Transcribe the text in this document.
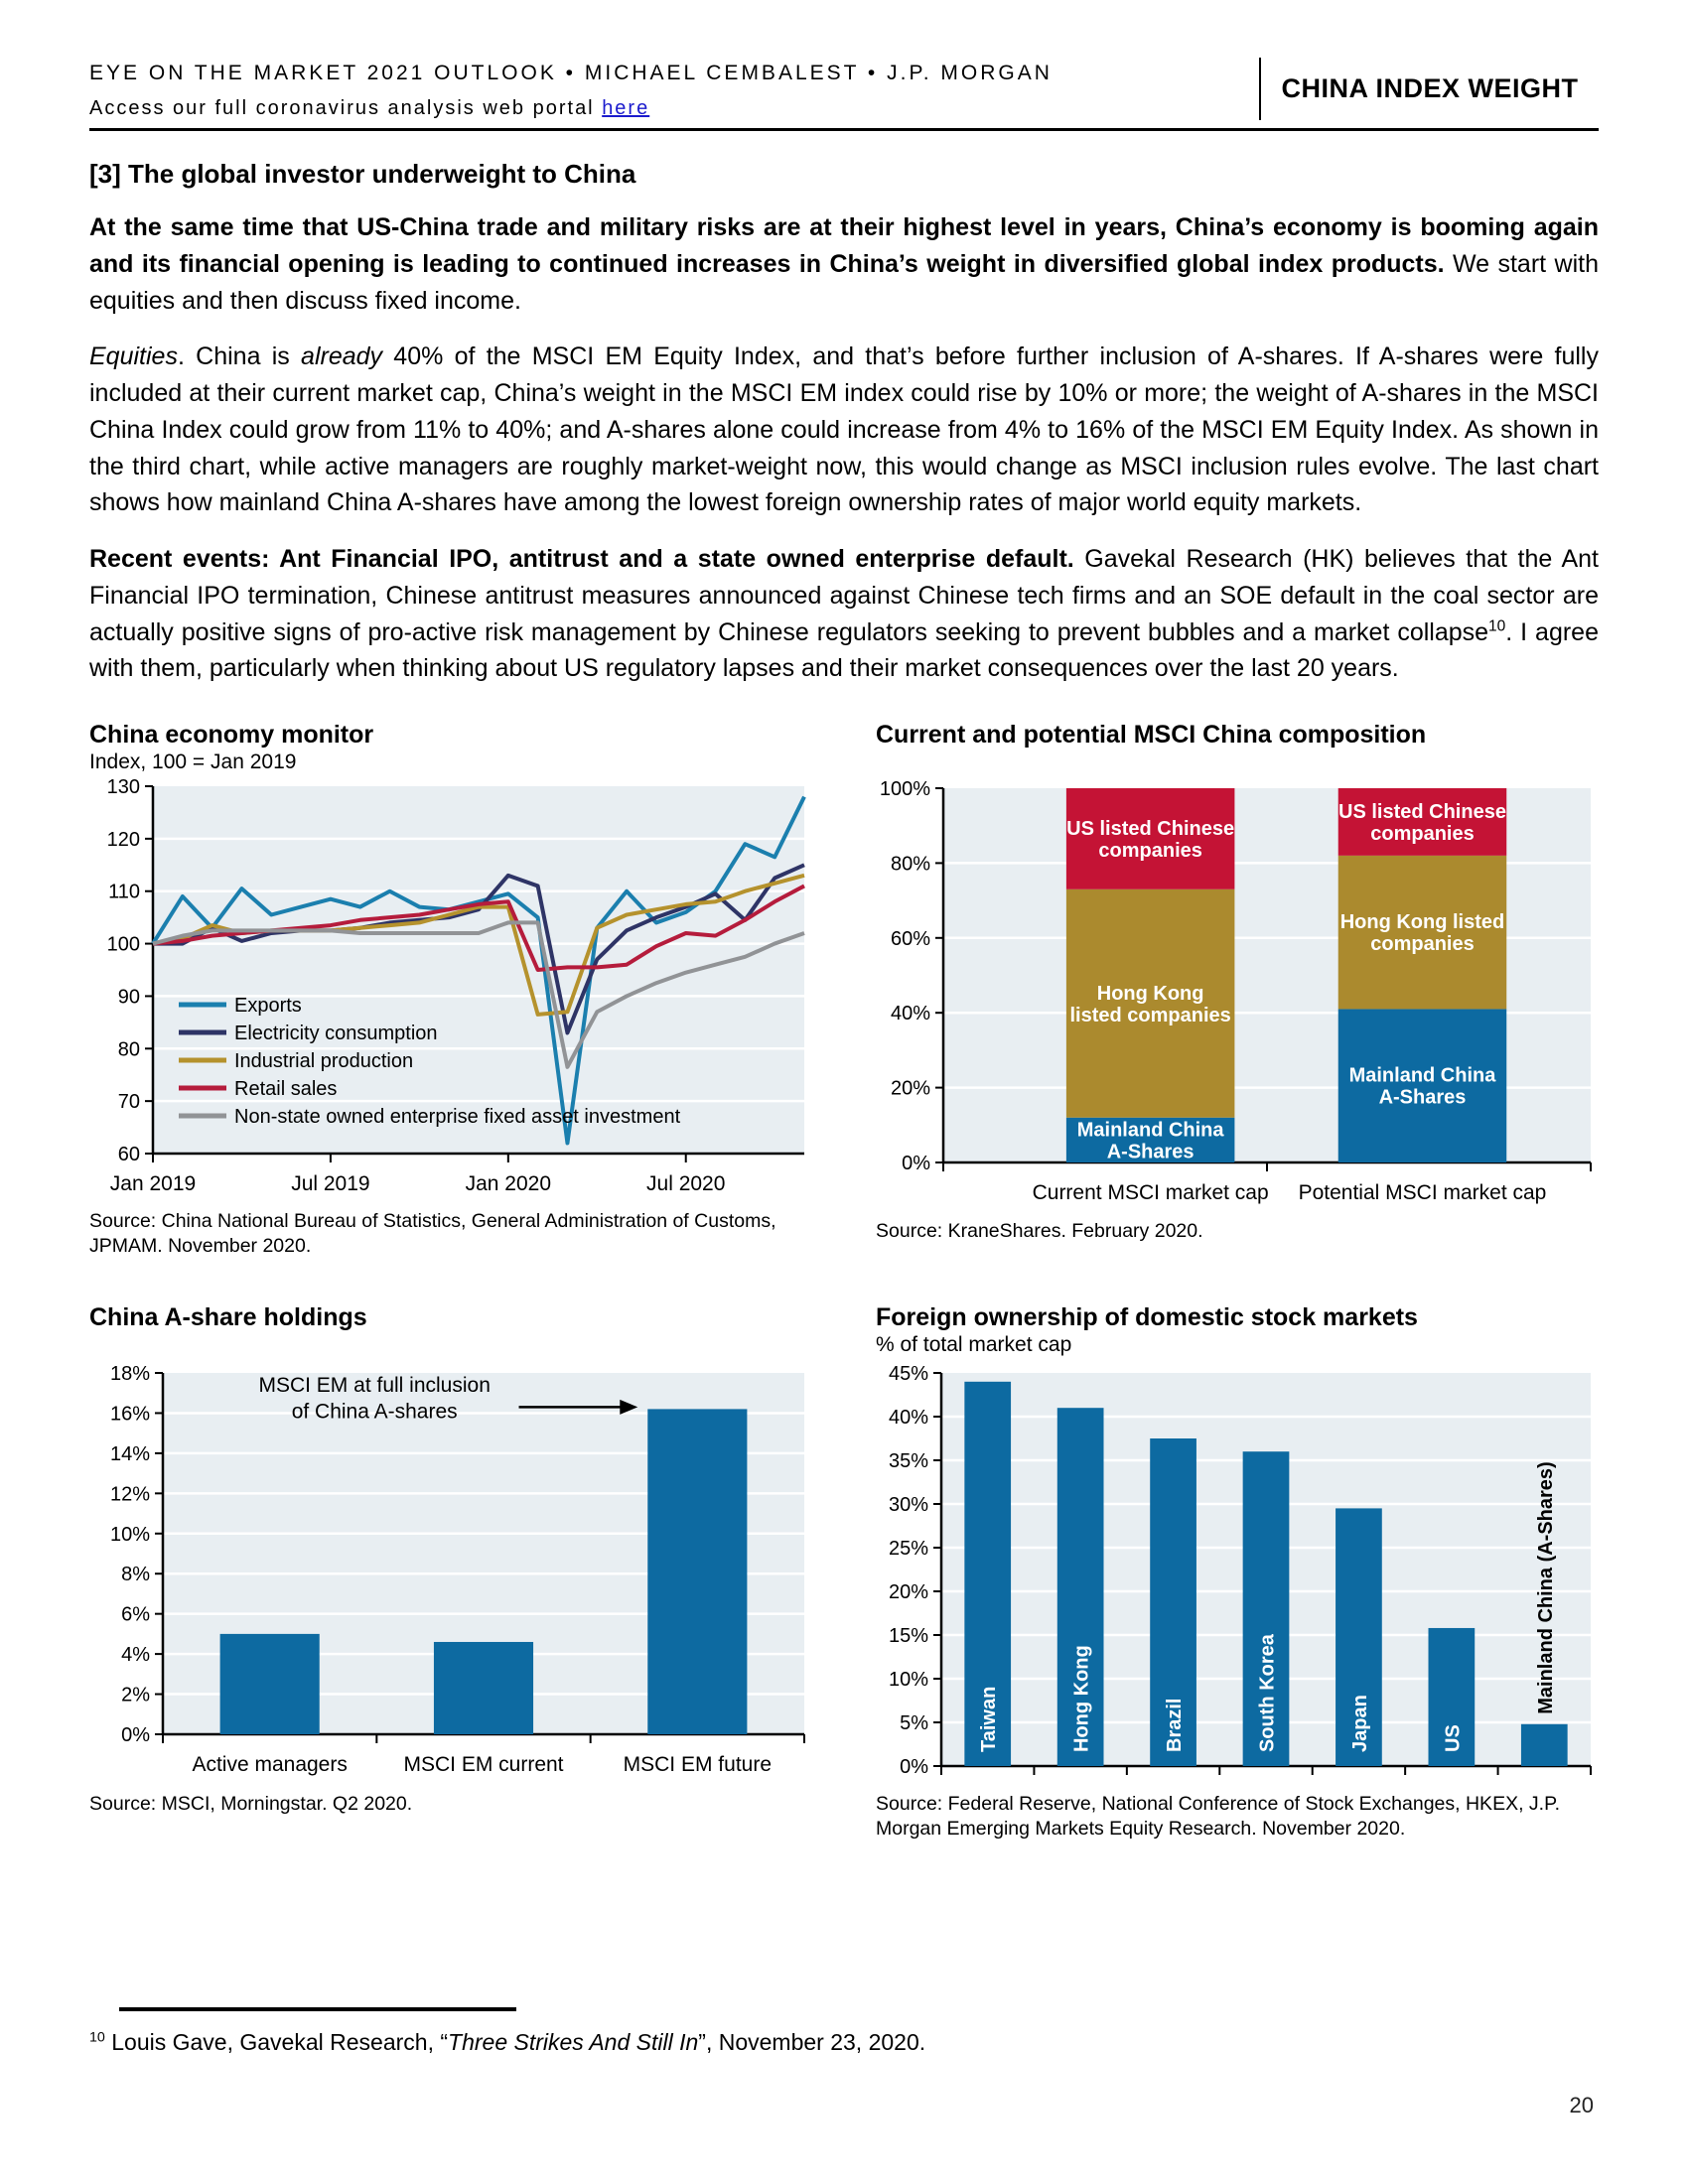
EYE ON THE MARKET 2021 OUTLOOK • MICHAEL CEMBALEST • J.P. MORGAN
Access our full coronavirus analysis web portal here
CHINA INDEX WEIGHT
[3] The global investor underweight to China

At the same time that US-China trade and military risks are at their highest level in years, China’s economy is booming again and its financial opening is leading to continued increases in China’s weight in diversified global index products. We start with equities and then discuss fixed income.

Equities. China is already 40% of the MSCI EM Equity Index, and that’s before further inclusion of A-shares. If A-shares were fully included at their current market cap, China’s weight in the MSCI EM index could rise by 10% or more; the weight of A-shares in the MSCI China Index could grow from 11% to 40%; and A-shares alone could increase from 4% to 16% of the MSCI EM Equity Index. As shown in the third chart, while active managers are roughly market-weight now, this would change as MSCI inclusion rules evolve. The last chart shows how mainland China A-shares have among the lowest foreign ownership rates of major world equity markets.

Recent events: Ant Financial IPO, antitrust and a state owned enterprise default. Gavekal Research (HK) believes that the Ant Financial IPO termination, Chinese antitrust measures announced against Chinese tech firms and an SOE default in the coal sector are actually positive signs of pro-active risk management by Chinese regulators seeking to prevent bubbles and a market collapse$^{10}$. I agree with them, particularly when thinking about US regulatory lapses and their market consequences over the last 20 years.

China economy monitor

Index, 100 = Jan 2019

60
70
80
90
100
110
120
130
Jan 2019	Jul 2019	Jan 2020	Jul 2020
Exports
Electricity consumption
Industrial production
Retail sales
Non-state owned enterprise fixed asset investment

Source: China National Bureau of Statistics, General Administration of Customs, JPMAM. November 2020.

Current and potential MSCI China composition

0%
20%
40%
60%
80%
100%
Mainland China
A-Shares
Hong Kong
listed companies
US listed Chinese
companies
Current MSCI market cap
Mainland China
A-Shares
Hong Kong listed
companies
US listed Chinese
companies
Potential MSCI market cap

Source: KraneShares. February 2020.

China A-share holdings

0%
2%
4%
6%
8%
10%
12%
14%
16%
18%
Active managers	MSCI EM current	MSCI EM future
MSCI EM at full inclusion
of China A-shares

Source: MSCI, Morningstar. Q2 2020.

Foreign ownership of domestic stock markets

% of total market cap

0%
5%
10%
15%
20%
25%
30%
35%
40%
45%
Taiwan	Hong Kong	Brazil	South Korea	Japan	US
Mainland China (A-Shares)

Source: Federal Reserve, National Conference of Stock Exchanges, HKEX, J.P. Morgan Emerging Markets Equity Research. November 2020.

$^{10}$ Louis Gave, Gavekal Research, “Three Strikes And Still In”, November 23, 2020.

20
